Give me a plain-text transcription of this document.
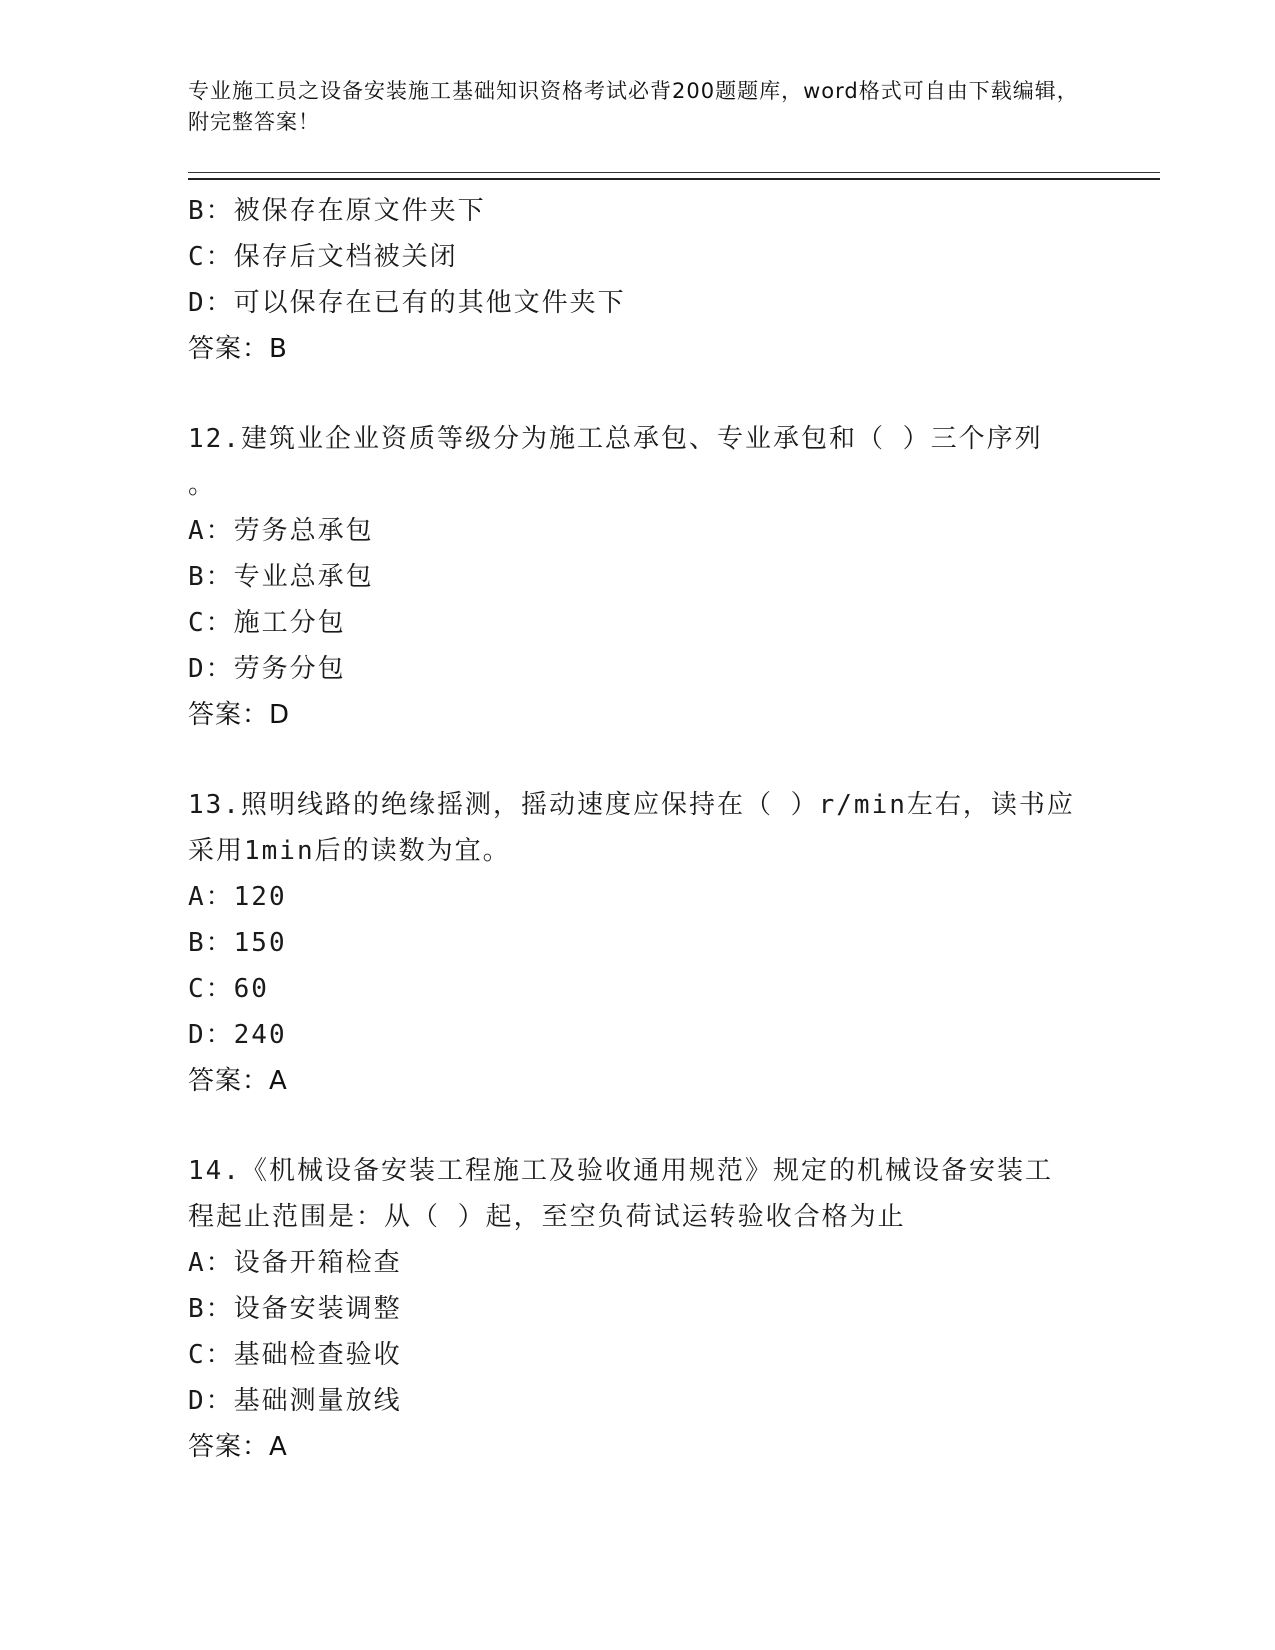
专业施工员之设备安装施工基础知识资格考试必背200题题库，word格式可自由下载编辑，附完整答案！
B：被保存在原文件夹下
C：保存后文档被关闭
D：可以保存在已有的其他文件夹下
答案：B
12.建筑业企业资质等级分为施工总承包、专业承包和（ ）三个序列
。
A：劳务总承包
B：专业总承包
C：施工分包
D：劳务分包
答案：D
13.照明线路的绝缘摇测，摇动速度应保持在（ ）r/min左右，读书应
采用1min后的读数为宜。
A：120
B：150
C：60
D：240
答案：A
14.《机械设备安装工程施工及验收通用规范》规定的机械设备安装工
程起止范围是：从（ ）起，至空负荷试运转验收合格为止
A：设备开箱检查
B：设备安装调整
C：基础检查验收
D：基础测量放线
答案：A
